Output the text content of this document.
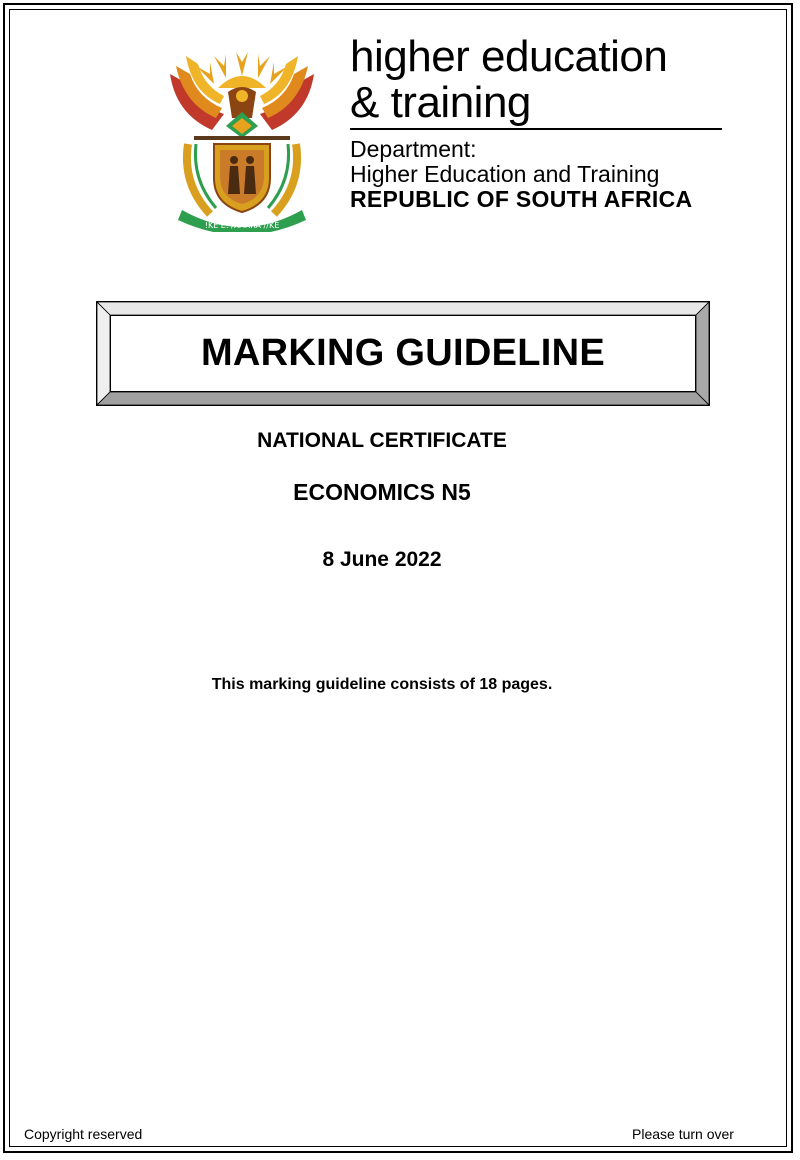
!KE E: /XARRA //KE
higher education
& training
Department:
Higher Education and Training
REPUBLIC OF SOUTH AFRICA
MARKING GUIDELINE
NATIONAL CERTIFICATE
ECONOMICS N5
8 June 2022
This marking guideline consists of 18 pages.
Copyright reserved	Please turn over
